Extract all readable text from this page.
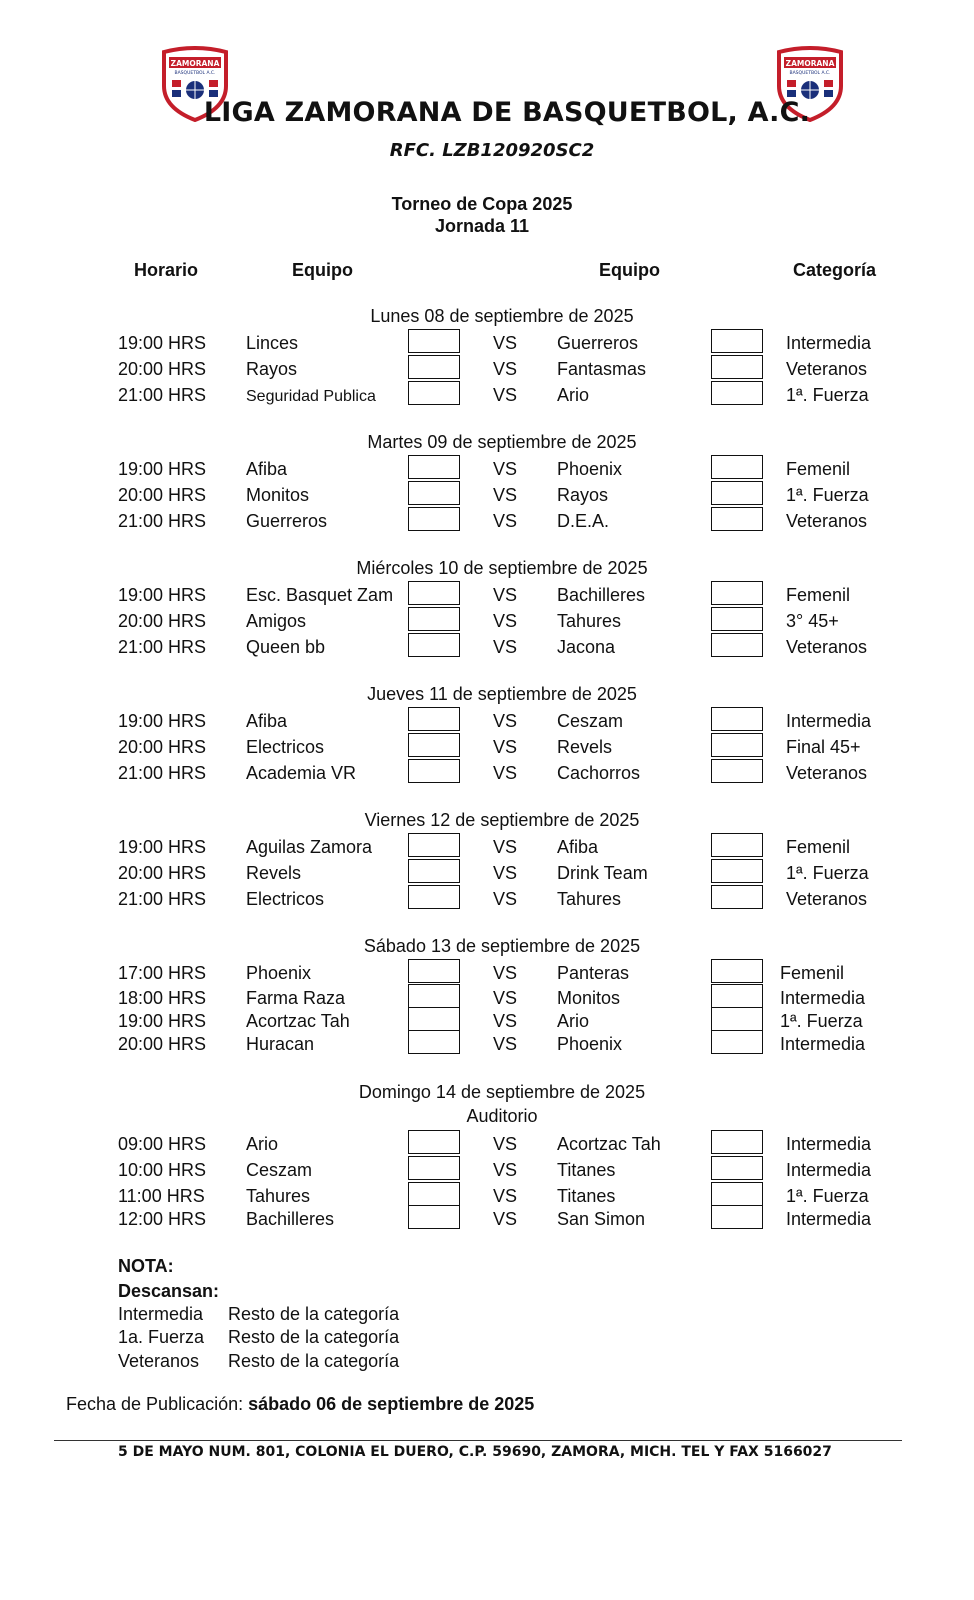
ZAMORANA
BASQUETBOL A.C.
ZAMORANA
BASQUETBOL A.C.
LIGA ZAMORANA DE BASQUETBOL, A.C.
RFC. LZB120920SC2
Torneo de Copa 2025
Jornada 11
Horario	Equipo	Equipo	Categoría
Lunes 08 de septiembre de 2025
19:00 HRS Linces	VS Guerreros	Intermedia
20:00 HRS Rayos	VS Fantasmas	Veteranos
21:00 HRS Seguridad Publica	VS Ario	1ª. Fuerza
Martes 09 de septiembre de 2025
19:00 HRS Afiba	VS Phoenix	Femenil
20:00 HRS Monitos	VS Rayos	1ª. Fuerza
21:00 HRS Guerreros	VS D.E.A.	Veteranos
Miércoles 10 de septiembre de 2025
19:00 HRS Esc. Basquet Zam	VS Bachilleres	Femenil
20:00 HRS Amigos	VS Tahures	3° 45+
21:00 HRS Queen bb	VS Jacona	Veteranos
Jueves 11 de septiembre de 2025
19:00 HRS Afiba	VS Ceszam	Intermedia
20:00 HRS Electricos	VS Revels	Final 45+
21:00 HRS Academia VR	VS Cachorros	Veteranos
Viernes 12 de septiembre de 2025
19:00 HRS Aguilas Zamora	VS Afiba	Femenil
20:00 HRS Revels	VS Drink Team	1ª. Fuerza
21:00 HRS Electricos	VS Tahures	Veteranos
Sábado 13 de septiembre de 2025
17:00 HRS Phoenix	VS Panteras	Femenil
18:00 HRS Farma Raza	VS Monitos	Intermedia
19:00 HRS Acortzac Tah	VS Ario	1ª. Fuerza
20:00 HRS Huracan	VS Phoenix	Intermedia
Domingo 14 de septiembre de 2025
Auditorio
09:00 HRS Ario	VS Acortzac Tah	Intermedia
10:00 HRS Ceszam	VS Titanes	Intermedia
11:00 HRS Tahures	VS Titanes	1ª. Fuerza
12:00 HRS Bachilleres	VS San Simon	Intermedia
NOTA:
Descansan:
Intermedia Resto de la categoría
1a. Fuerza Resto de la categoría
Veteranos Resto de la categoría
Fecha de Publicación: sábado 06 de septiembre de 2025
5 DE MAYO NUM. 801, COLONIA EL DUERO, C.P. 59690, ZAMORA, MICH. TEL Y FAX 5166027
